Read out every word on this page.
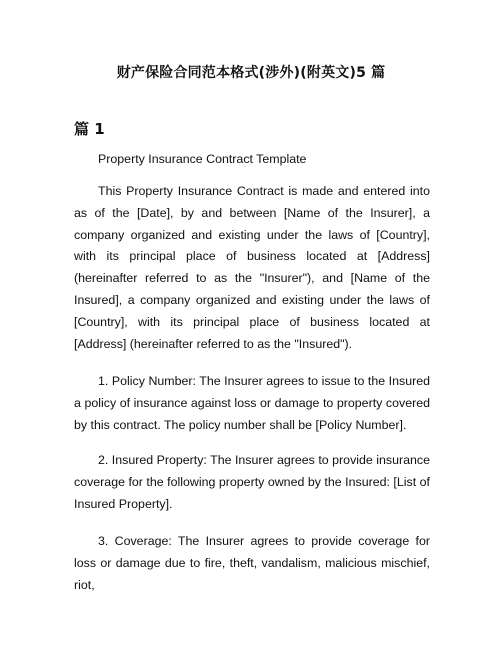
财产保险合同范本格式(涉外)(附英文)5 篇
篇 1

Property Insurance Contract Template

This Property Insurance Contract is made and entered into as of the [Date], by and between [Name of the Insurer], a company organized and existing under the laws of [Country], with its principal place of business located at [Address] (hereinafter referred to as the "Insurer"), and [Name of the Insured], a company organized and existing under the laws of [Country], with its principal place of business located at [Address] (hereinafter referred to as the "Insured").

1. Policy Number: The Insurer agrees to issue to the Insured a policy of insurance against loss or damage to property covered by this contract. The policy number shall be [Policy Number].

2. Insured Property: The Insurer agrees to provide insurance coverage for the following property owned by the Insured: [List of Insured Property].

3. Coverage: The Insurer agrees to provide coverage for loss or damage due to fire, theft, vandalism, malicious mischief, riot,
